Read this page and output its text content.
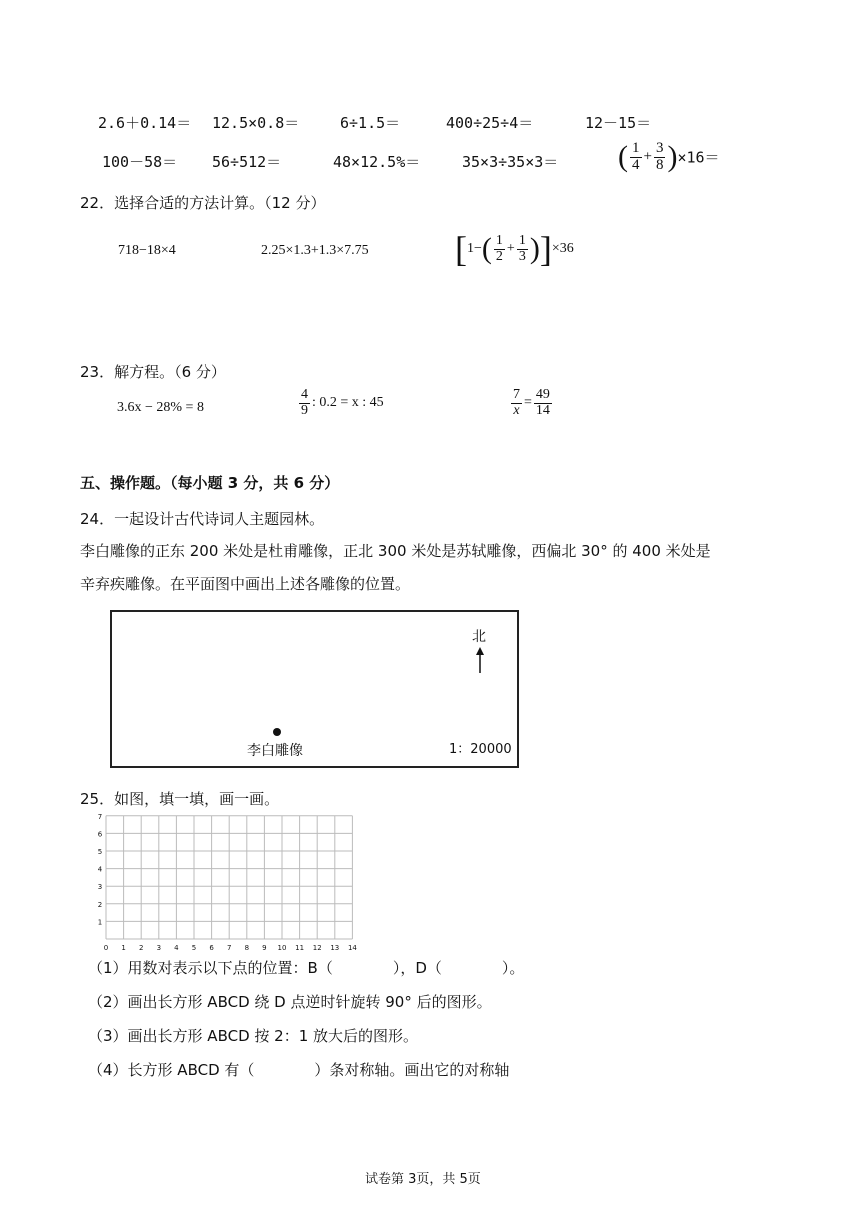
2.6＋0.14＝ 12.5×0.8＝	6÷1.5＝	400÷25÷4＝	12－15＝
100－58＝ 56÷512＝	48×12.5%＝	35×3÷35×3＝ ( $\frac{1}{4} + \frac{3}{8} )\times 16=$
22．选择合适的方法计算。（12 分）
718−18×4	2.25×1.3+1.3×7.75 $[1-( \frac{1}{2} + \frac{1}{3} )]\times 36$
23．解方程。（6 分）
3.6x − 28% = 8	$\frac{4}{9}$ : 0.2 = x : 45	$\frac{7}{x} = \frac{49}{14}$
五、操作题。（每小题 3 分，共 6 分）
24．一起设计古代诗词人主题园林。
李白雕像的正东 200 米处是杜甫雕像，正北 300 米处是苏轼雕像，西偏北 30° 的 400 米处是
辛弃疾雕像。在平面图中画出上述各雕像的位置。
北
李白雕像	1：20000
25．如图，填一填，画一画。
0 1 2 3 4 5 6 7 8 9 10 11 12 13 14
1
2
3
4
5
6
7
（1）用数对表示以下点的位置：B（　　　　），D（　　　　）。
（2）画出长方形 ABCD 绕 D 点逆时针旋转 90° 后的图形。
（3）画出长方形 ABCD 按 2：1 放大后的图形。
（4）长方形 ABCD 有（　　　　）条对称轴。画出它的对称轴
试卷第 3页，共 5页
